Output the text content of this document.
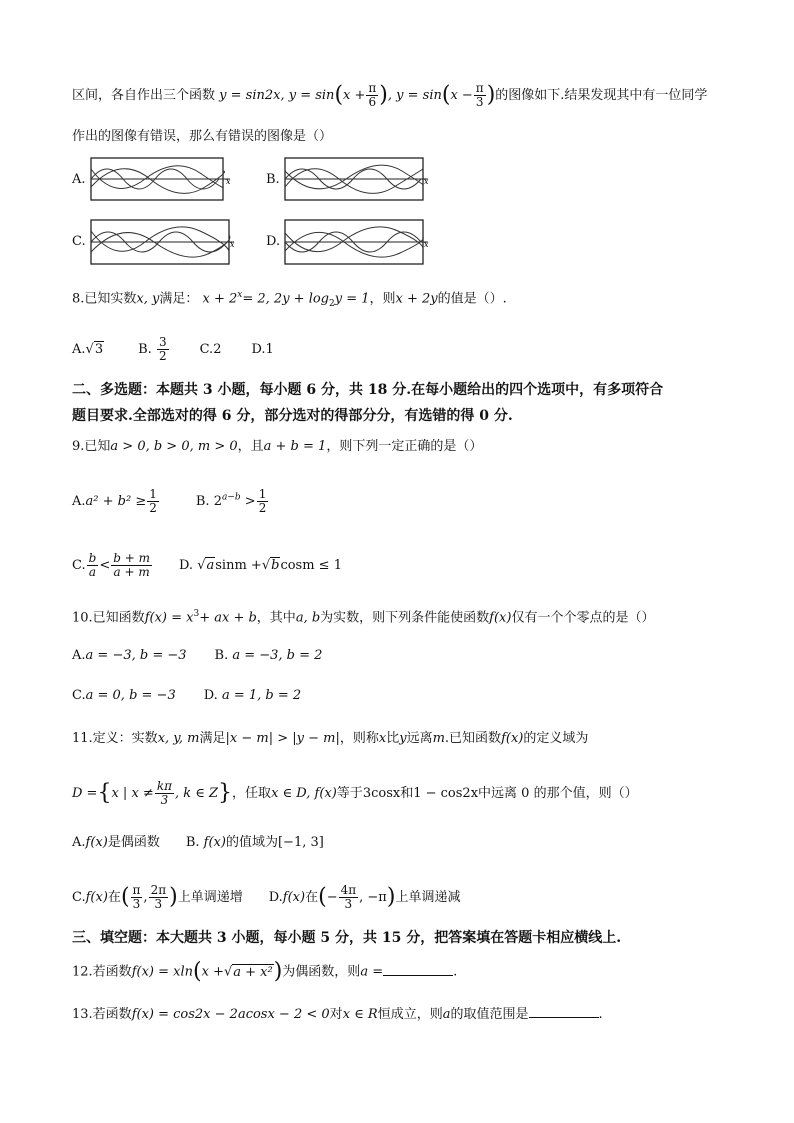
区间，各自作出三个函数 y = sin2x, $y = \sin(x + \frac{\pi}{6}$ ), $y = \sin(x - \frac{\pi}{3}$ )的图像如下.结果发现其中有一位同学
作出的图像有错误，那么有错误的图像是（）
A.	B.
C.	D.
x	x
x	x
8.已知实数x, y满足： $x + 2^x= 2$, $2y + \log_2y = 1$，则x + 2y的值是（）.
A.√3	B. $\frac{3}{2} C.2$ D.1
二、多选题：本题共 3 小题，每小题 6 分，共 18 分.在每小题给出的四个选项中，有多项符合
题目要求.全部选对的得 6 分，部分选对的得部分分，有选错的得 0 分.
9.已知a > 0, b > 0, m > 0，且a + b = 1，则下列一定正确的是（）
$A.a^2 + b^2 \ge \frac{1}{2}$	B. $2^{a-b} > \frac{1}{2}$
C. $\frac{b}{a} < \frac{b + m}{a + m} D$. √asinm +√bcosm ≤ 1
10.已知函数$f(x) = x^3+$ ax + b，其中a, b为实数，则下列条件能使函数f(x)仅有一个个零点的是（）
A.a = −3, b = −3 B. a = −3, b = 2
C.a = 0, b = −3 D. a = 1, b = 2
11.定义：实数x, y, m满足|x − m| > |y − m|，则称x比y远离m.已知函数f(x)的定义域为
D ={x | $x \ne \frac{k\pi}{3}$ , k ∈ Z}，任取x ∈ D, f(x)等于3cosx和1 − cos2x中远离 0 的那个值，则（）
A.f(x)是偶函数 B. f(x)的值域为[−1, 3]
C.f(x)在( $\frac{\pi}{3}$ , $\frac{2\pi}{3}$ )上单调递增 D.f(x)在(− $\frac{4\pi}{3}$ , −π)上单调递减
三、填空题：本大题共 3 小题，每小题 5 分，共 15 分，把答案填在答题卡相应横线上.
12.若函数f(x) = xln(x +√a + x²)为偶函数，则a =	.
13.若函数f(x) = cos2x − 2acosx − 2 < 0对x ∈ R恒成立，则a的取值范围是	.
